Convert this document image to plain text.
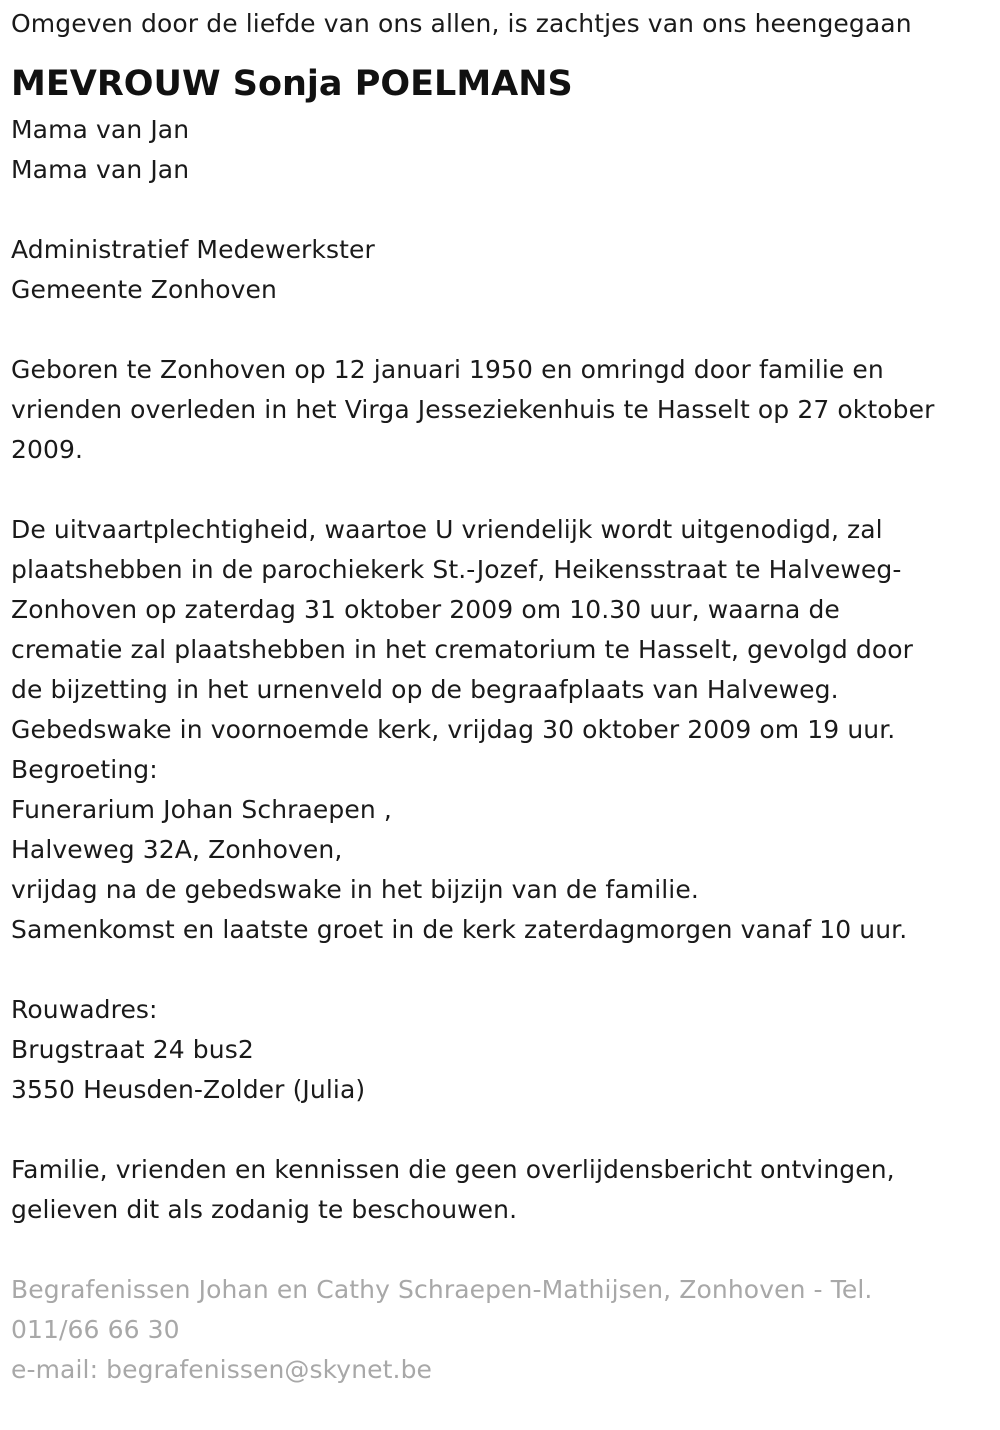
Omgeven door de liefde van ons allen, is zachtjes van ons heengegaan
MEVROUW Sonja POELMANS
Mama van Jan
Mama van Jan
Administratief Medewerkster
Gemeente Zonhoven
Geboren te Zonhoven op 12 januari 1950 en omringd door familie en
vrienden overleden in het Virga Jesseziekenhuis te Hasselt op 27 oktober
2009.
De uitvaartplechtigheid, waartoe U vriendelijk wordt uitgenodigd, zal
plaatshebben in de parochiekerk St.-Jozef, Heikensstraat te Halveweg-
Zonhoven op zaterdag 31 oktober 2009 om 10.30 uur, waarna de
crematie zal plaatshebben in het crematorium te Hasselt, gevolgd door
de bijzetting in het urnenveld op de begraafplaats van Halveweg.
Gebedswake in voornoemde kerk, vrijdag 30 oktober 2009 om 19 uur.
Begroeting:
Funerarium Johan Schraepen ,
Halveweg 32A, Zonhoven,
vrijdag na de gebedswake in het bijzijn van de familie.
Samenkomst en laatste groet in de kerk zaterdagmorgen vanaf 10 uur.
Rouwadres:
Brugstraat 24 bus2
3550 Heusden-Zolder (Julia)
Familie, vrienden en kennissen die geen overlijdensbericht ontvingen,
gelieven dit als zodanig te beschouwen.
Begrafenissen Johan en Cathy Schraepen-Mathijsen, Zonhoven - Tel.
011/66 66 30
e-mail: begrafenissen@skynet.be
